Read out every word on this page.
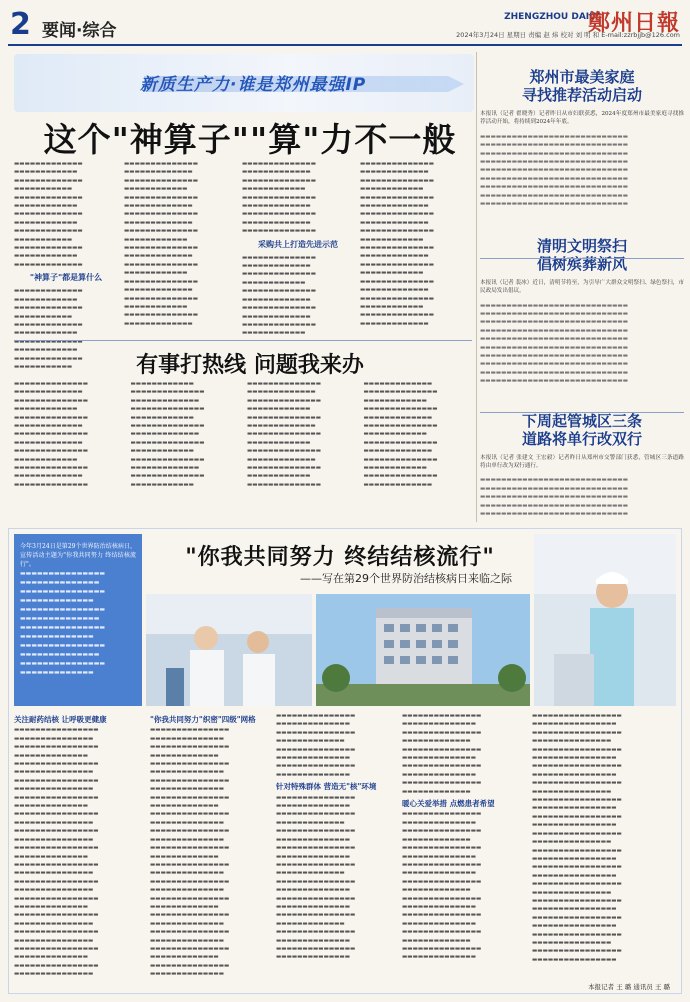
2 要闻·综合
ZHENGZHOU DAILY
鄭州日報
2024年3月24日 星期日 责编 赵 炜 校对 刘 明 和 E-mail:zzrbjjb@126.com
新质生产力·谁是郑州最强IP
这个"神算子""算"力不一般
▬▬▬▬▬▬▬▬▬▬▬▬▬ ▬▬▬▬▬▬▬▬▬▬▬▬ ▬▬▬▬▬▬▬▬▬▬▬▬▬ ▬▬▬▬▬▬▬▬▬▬▬ ▬▬▬▬▬▬▬▬▬▬▬▬▬ ▬▬▬▬▬▬▬▬▬▬▬▬ ▬▬▬▬▬▬▬▬▬▬▬▬▬ ▬▬▬▬▬▬▬▬▬▬▬▬ ▬▬▬▬▬▬▬▬▬▬▬▬▬ ▬▬▬▬▬▬▬▬▬▬▬ ▬▬▬▬▬▬▬▬▬▬▬▬▬ ▬▬▬▬▬▬▬▬▬▬▬▬ ▬▬▬▬▬▬▬▬▬▬▬▬▬
"神算子"都是算什么
▬▬▬▬▬▬▬▬▬▬▬▬▬ ▬▬▬▬▬▬▬▬▬▬▬▬ ▬▬▬▬▬▬▬▬▬▬▬▬▬ ▬▬▬▬▬▬▬▬▬▬▬ ▬▬▬▬▬▬▬▬▬▬▬▬▬ ▬▬▬▬▬▬▬▬▬▬▬▬ ▬▬▬▬▬▬▬▬▬▬▬▬▬ ▬▬▬▬▬▬▬▬▬▬▬▬ ▬▬▬▬▬▬▬▬▬▬▬▬▬ ▬▬▬▬▬▬▬▬▬▬▬
▬▬▬▬▬▬▬▬▬▬▬▬▬▬ ▬▬▬▬▬▬▬▬▬▬▬▬▬ ▬▬▬▬▬▬▬▬▬▬▬▬▬▬ ▬▬▬▬▬▬▬▬▬▬▬▬ ▬▬▬▬▬▬▬▬▬▬▬▬▬▬ ▬▬▬▬▬▬▬▬▬▬▬▬▬ ▬▬▬▬▬▬▬▬▬▬▬▬▬▬ ▬▬▬▬▬▬▬▬▬▬▬▬▬ ▬▬▬▬▬▬▬▬▬▬▬▬▬▬ ▬▬▬▬▬▬▬▬▬▬▬▬ ▬▬▬▬▬▬▬▬▬▬▬▬▬▬ ▬▬▬▬▬▬▬▬▬▬▬▬▬ ▬▬▬▬▬▬▬▬▬▬▬▬▬▬ ▬▬▬▬▬▬▬▬▬▬▬▬ ▬▬▬▬▬▬▬▬▬▬▬▬▬▬ ▬▬▬▬▬▬▬▬▬▬▬▬▬ ▬▬▬▬▬▬▬▬▬▬▬▬▬▬ ▬▬▬▬▬▬▬▬▬▬▬▬ ▬▬▬▬▬▬▬▬▬▬▬▬▬▬ ▬▬▬▬▬▬▬▬▬▬▬▬▬
▬▬▬▬▬▬▬▬▬▬▬▬▬▬ ▬▬▬▬▬▬▬▬▬▬▬▬▬ ▬▬▬▬▬▬▬▬▬▬▬▬▬▬ ▬▬▬▬▬▬▬▬▬▬▬▬ ▬▬▬▬▬▬▬▬▬▬▬▬▬▬ ▬▬▬▬▬▬▬▬▬▬▬▬▬ ▬▬▬▬▬▬▬▬▬▬▬▬▬▬ ▬▬▬▬▬▬▬▬▬▬▬▬▬ ▬▬▬▬▬▬▬▬▬▬▬▬▬▬
采购共上打造先进示范
▬▬▬▬▬▬▬▬▬▬▬▬▬▬ ▬▬▬▬▬▬▬▬▬▬▬▬▬ ▬▬▬▬▬▬▬▬▬▬▬▬▬▬ ▬▬▬▬▬▬▬▬▬▬▬▬ ▬▬▬▬▬▬▬▬▬▬▬▬▬▬ ▬▬▬▬▬▬▬▬▬▬▬▬▬ ▬▬▬▬▬▬▬▬▬▬▬▬▬▬ ▬▬▬▬▬▬▬▬▬▬▬▬▬ ▬▬▬▬▬▬▬▬▬▬▬▬▬▬ ▬▬▬▬▬▬▬▬▬▬▬▬
▬▬▬▬▬▬▬▬▬▬▬▬▬▬ ▬▬▬▬▬▬▬▬▬▬▬▬▬ ▬▬▬▬▬▬▬▬▬▬▬▬▬▬ ▬▬▬▬▬▬▬▬▬▬▬▬ ▬▬▬▬▬▬▬▬▬▬▬▬▬▬ ▬▬▬▬▬▬▬▬▬▬▬▬▬ ▬▬▬▬▬▬▬▬▬▬▬▬▬▬ ▬▬▬▬▬▬▬▬▬▬▬▬▬ ▬▬▬▬▬▬▬▬▬▬▬▬▬▬ ▬▬▬▬▬▬▬▬▬▬▬▬ ▬▬▬▬▬▬▬▬▬▬▬▬▬▬ ▬▬▬▬▬▬▬▬▬▬▬▬▬ ▬▬▬▬▬▬▬▬▬▬▬▬▬▬ ▬▬▬▬▬▬▬▬▬▬▬▬ ▬▬▬▬▬▬▬▬▬▬▬▬▬▬ ▬▬▬▬▬▬▬▬▬▬▬▬▬ ▬▬▬▬▬▬▬▬▬▬▬▬▬▬ ▬▬▬▬▬▬▬▬▬▬▬▬ ▬▬▬▬▬▬▬▬▬▬▬▬▬▬ ▬▬▬▬▬▬▬▬▬▬▬▬▬
郑州市最美家庭
寻找推荐活动启动
本报讯（记者 翟晓秀）记者昨日从市妇联获悉，2024年度郑州市最美家庭寻找推荐活动开始，将持续到2024年年底。
▬▬▬▬▬▬▬▬▬▬▬▬▬▬▬▬▬▬▬▬▬▬▬▬▬▬▬▬ ▬▬▬▬▬▬▬▬▬▬▬▬▬▬▬▬▬▬▬▬▬▬▬▬▬▬▬▬ ▬▬▬▬▬▬▬▬▬▬▬▬▬▬▬▬▬▬▬▬▬▬▬▬▬▬▬▬ ▬▬▬▬▬▬▬▬▬▬▬▬▬▬▬▬▬▬▬▬▬▬▬▬▬▬▬▬ ▬▬▬▬▬▬▬▬▬▬▬▬▬▬▬▬▬▬▬▬▬▬▬▬▬▬▬▬ ▬▬▬▬▬▬▬▬▬▬▬▬▬▬▬▬▬▬▬▬▬▬▬▬▬▬▬▬ ▬▬▬▬▬▬▬▬▬▬▬▬▬▬▬▬▬▬▬▬▬▬▬▬▬▬▬▬ ▬▬▬▬▬▬▬▬▬▬▬▬▬▬▬▬▬▬▬▬▬▬▬▬▬▬▬▬ ▬▬▬▬▬▬▬▬▬▬▬▬▬▬▬▬▬▬▬▬▬▬▬▬▬▬▬▬
清明文明祭扫
倡树殡葬新风
本报讯（记者 裴冰）近日，清明节将至，为引导广大群众文明祭扫、绿色祭扫，市民政局发出倡议。
▬▬▬▬▬▬▬▬▬▬▬▬▬▬▬▬▬▬▬▬▬▬▬▬▬▬▬▬ ▬▬▬▬▬▬▬▬▬▬▬▬▬▬▬▬▬▬▬▬▬▬▬▬▬▬▬▬ ▬▬▬▬▬▬▬▬▬▬▬▬▬▬▬▬▬▬▬▬▬▬▬▬▬▬▬▬ ▬▬▬▬▬▬▬▬▬▬▬▬▬▬▬▬▬▬▬▬▬▬▬▬▬▬▬▬ ▬▬▬▬▬▬▬▬▬▬▬▬▬▬▬▬▬▬▬▬▬▬▬▬▬▬▬▬ ▬▬▬▬▬▬▬▬▬▬▬▬▬▬▬▬▬▬▬▬▬▬▬▬▬▬▬▬ ▬▬▬▬▬▬▬▬▬▬▬▬▬▬▬▬▬▬▬▬▬▬▬▬▬▬▬▬ ▬▬▬▬▬▬▬▬▬▬▬▬▬▬▬▬▬▬▬▬▬▬▬▬▬▬▬▬ ▬▬▬▬▬▬▬▬▬▬▬▬▬▬▬▬▬▬▬▬▬▬▬▬▬▬▬▬ ▬▬▬▬▬▬▬▬▬▬▬▬▬▬▬▬▬▬▬▬▬▬▬▬▬▬▬▬
下周起管城区三条
道路将单行改双行
本报讯（记者 张建文 王宏毅）记者昨日从郑州市交警部门获悉，管城区三条道路将由单行改为双行通行。
▬▬▬▬▬▬▬▬▬▬▬▬▬▬▬▬▬▬▬▬▬▬▬▬▬▬▬▬ ▬▬▬▬▬▬▬▬▬▬▬▬▬▬▬▬▬▬▬▬▬▬▬▬▬▬▬▬ ▬▬▬▬▬▬▬▬▬▬▬▬▬▬▬▬▬▬▬▬▬▬▬▬▬▬▬▬ ▬▬▬▬▬▬▬▬▬▬▬▬▬▬▬▬▬▬▬▬▬▬▬▬▬▬▬▬ ▬▬▬▬▬▬▬▬▬▬▬▬▬▬▬▬▬▬▬▬▬▬▬▬▬▬▬▬
有事打热线 问题我来办
▬▬▬▬▬▬▬▬▬▬▬▬▬▬ ▬▬▬▬▬▬▬▬▬▬▬▬▬ ▬▬▬▬▬▬▬▬▬▬▬▬▬▬ ▬▬▬▬▬▬▬▬▬▬▬▬ ▬▬▬▬▬▬▬▬▬▬▬▬▬▬ ▬▬▬▬▬▬▬▬▬▬▬▬▬ ▬▬▬▬▬▬▬▬▬▬▬▬▬▬ ▬▬▬▬▬▬▬▬▬▬▬▬▬ ▬▬▬▬▬▬▬▬▬▬▬▬▬▬ ▬▬▬▬▬▬▬▬▬▬▬▬ ▬▬▬▬▬▬▬▬▬▬▬▬▬▬ ▬▬▬▬▬▬▬▬▬▬▬▬▬ ▬▬▬▬▬▬▬▬▬▬▬▬▬▬ ▬▬▬▬▬▬▬▬▬▬▬▬ ▬▬▬▬▬▬▬▬▬▬▬▬▬▬ ▬▬▬▬▬▬▬▬▬▬▬▬▬ ▬▬▬▬▬▬▬▬▬▬▬▬▬▬ ▬▬▬▬▬▬▬▬▬▬▬▬ ▬▬▬▬▬▬▬▬▬▬▬▬▬▬ ▬▬▬▬▬▬▬▬▬▬▬▬▬ ▬▬▬▬▬▬▬▬▬▬▬▬▬▬ ▬▬▬▬▬▬▬▬▬▬▬▬ ▬▬▬▬▬▬▬▬▬▬▬▬▬▬ ▬▬▬▬▬▬▬▬▬▬▬▬▬ ▬▬▬▬▬▬▬▬▬▬▬▬▬▬ ▬▬▬▬▬▬▬▬▬▬▬▬ ▬▬▬▬▬▬▬▬▬▬▬▬▬▬ ▬▬▬▬▬▬▬▬▬▬▬▬▬ ▬▬▬▬▬▬▬▬▬▬▬▬▬▬ ▬▬▬▬▬▬▬▬▬▬▬▬ ▬▬▬▬▬▬▬▬▬▬▬▬▬▬ ▬▬▬▬▬▬▬▬▬▬▬▬▬ ▬▬▬▬▬▬▬▬▬▬▬▬▬▬ ▬▬▬▬▬▬▬▬▬▬▬▬ ▬▬▬▬▬▬▬▬▬▬▬▬▬▬ ▬▬▬▬▬▬▬▬▬▬▬▬▬ ▬▬▬▬▬▬▬▬▬▬▬▬▬▬ ▬▬▬▬▬▬▬▬▬▬▬▬ ▬▬▬▬▬▬▬▬▬▬▬▬▬▬ ▬▬▬▬▬▬▬▬▬▬▬▬▬ ▬▬▬▬▬▬▬▬▬▬▬▬▬▬ ▬▬▬▬▬▬▬▬▬▬▬▬ ▬▬▬▬▬▬▬▬▬▬▬▬▬▬ ▬▬▬▬▬▬▬▬▬▬▬▬▬ ▬▬▬▬▬▬▬▬▬▬▬▬▬▬ ▬▬▬▬▬▬▬▬▬▬▬▬ ▬▬▬▬▬▬▬▬▬▬▬▬▬▬ ▬▬▬▬▬▬▬▬▬▬▬▬▬ ▬▬▬▬▬▬▬▬▬▬▬▬▬▬ ▬▬▬▬▬▬▬▬▬▬▬▬ ▬▬▬▬▬▬▬▬▬▬▬▬▬▬ ▬▬▬▬▬▬▬▬▬▬▬▬▬
今年3月24日是第29个世界防治结核病日，宣传活动主题为"你我共同努力 终结结核流行"。
▬▬▬▬▬▬▬▬▬▬▬▬▬▬▬ ▬▬▬▬▬▬▬▬▬▬▬▬▬▬ ▬▬▬▬▬▬▬▬▬▬▬▬▬▬▬ ▬▬▬▬▬▬▬▬▬▬▬▬▬ ▬▬▬▬▬▬▬▬▬▬▬▬▬▬▬ ▬▬▬▬▬▬▬▬▬▬▬▬▬▬ ▬▬▬▬▬▬▬▬▬▬▬▬▬▬▬ ▬▬▬▬▬▬▬▬▬▬▬▬▬ ▬▬▬▬▬▬▬▬▬▬▬▬▬▬▬ ▬▬▬▬▬▬▬▬▬▬▬▬▬▬ ▬▬▬▬▬▬▬▬▬▬▬▬▬▬▬ ▬▬▬▬▬▬▬▬▬▬▬▬▬
"你我共同努力 终结结核流行"
——写在第29个世界防治结核病日来临之际
关注耐药结核 让呼吸更健康
▬▬▬▬▬▬▬▬▬▬▬▬▬▬▬▬ ▬▬▬▬▬▬▬▬▬▬▬▬▬▬▬ ▬▬▬▬▬▬▬▬▬▬▬▬▬▬▬▬ ▬▬▬▬▬▬▬▬▬▬▬▬▬▬ ▬▬▬▬▬▬▬▬▬▬▬▬▬▬▬▬ ▬▬▬▬▬▬▬▬▬▬▬▬▬▬▬ ▬▬▬▬▬▬▬▬▬▬▬▬▬▬▬▬ ▬▬▬▬▬▬▬▬▬▬▬▬▬▬▬ ▬▬▬▬▬▬▬▬▬▬▬▬▬▬▬▬ ▬▬▬▬▬▬▬▬▬▬▬▬▬▬ ▬▬▬▬▬▬▬▬▬▬▬▬▬▬▬▬ ▬▬▬▬▬▬▬▬▬▬▬▬▬▬▬ ▬▬▬▬▬▬▬▬▬▬▬▬▬▬▬▬ ▬▬▬▬▬▬▬▬▬▬▬▬▬▬▬ ▬▬▬▬▬▬▬▬▬▬▬▬▬▬▬▬ ▬▬▬▬▬▬▬▬▬▬▬▬▬▬ ▬▬▬▬▬▬▬▬▬▬▬▬▬▬▬▬ ▬▬▬▬▬▬▬▬▬▬▬▬▬▬▬ ▬▬▬▬▬▬▬▬▬▬▬▬▬▬▬▬ ▬▬▬▬▬▬▬▬▬▬▬▬▬▬▬ ▬▬▬▬▬▬▬▬▬▬▬▬▬▬▬▬ ▬▬▬▬▬▬▬▬▬▬▬▬▬▬ ▬▬▬▬▬▬▬▬▬▬▬▬▬▬▬▬ ▬▬▬▬▬▬▬▬▬▬▬▬▬▬▬ ▬▬▬▬▬▬▬▬▬▬▬▬▬▬▬▬ ▬▬▬▬▬▬▬▬▬▬▬▬▬▬▬ ▬▬▬▬▬▬▬▬▬▬▬▬▬▬▬▬ ▬▬▬▬▬▬▬▬▬▬▬▬▬▬ ▬▬▬▬▬▬▬▬▬▬▬▬▬▬▬▬ ▬▬▬▬▬▬▬▬▬▬▬▬▬▬▬
"你我共同努力"织密"四级"网格
▬▬▬▬▬▬▬▬▬▬▬▬▬▬▬ ▬▬▬▬▬▬▬▬▬▬▬▬▬▬ ▬▬▬▬▬▬▬▬▬▬▬▬▬▬▬ ▬▬▬▬▬▬▬▬▬▬▬▬▬ ▬▬▬▬▬▬▬▬▬▬▬▬▬▬▬ ▬▬▬▬▬▬▬▬▬▬▬▬▬▬ ▬▬▬▬▬▬▬▬▬▬▬▬▬▬▬ ▬▬▬▬▬▬▬▬▬▬▬▬▬▬ ▬▬▬▬▬▬▬▬▬▬▬▬▬▬▬ ▬▬▬▬▬▬▬▬▬▬▬▬▬ ▬▬▬▬▬▬▬▬▬▬▬▬▬▬▬ ▬▬▬▬▬▬▬▬▬▬▬▬▬▬ ▬▬▬▬▬▬▬▬▬▬▬▬▬▬▬ ▬▬▬▬▬▬▬▬▬▬▬▬▬▬ ▬▬▬▬▬▬▬▬▬▬▬▬▬▬▬ ▬▬▬▬▬▬▬▬▬▬▬▬▬ ▬▬▬▬▬▬▬▬▬▬▬▬▬▬▬ ▬▬▬▬▬▬▬▬▬▬▬▬▬▬ ▬▬▬▬▬▬▬▬▬▬▬▬▬▬▬ ▬▬▬▬▬▬▬▬▬▬▬▬▬▬ ▬▬▬▬▬▬▬▬▬▬▬▬▬▬▬ ▬▬▬▬▬▬▬▬▬▬▬▬▬ ▬▬▬▬▬▬▬▬▬▬▬▬▬▬▬ ▬▬▬▬▬▬▬▬▬▬▬▬▬▬ ▬▬▬▬▬▬▬▬▬▬▬▬▬▬▬ ▬▬▬▬▬▬▬▬▬▬▬▬▬▬ ▬▬▬▬▬▬▬▬▬▬▬▬▬▬▬ ▬▬▬▬▬▬▬▬▬▬▬▬▬ ▬▬▬▬▬▬▬▬▬▬▬▬▬▬▬ ▬▬▬▬▬▬▬▬▬▬▬▬▬▬
▬▬▬▬▬▬▬▬▬▬▬▬▬▬▬ ▬▬▬▬▬▬▬▬▬▬▬▬▬▬ ▬▬▬▬▬▬▬▬▬▬▬▬▬▬▬ ▬▬▬▬▬▬▬▬▬▬▬▬▬ ▬▬▬▬▬▬▬▬▬▬▬▬▬▬▬ ▬▬▬▬▬▬▬▬▬▬▬▬▬▬ ▬▬▬▬▬▬▬▬▬▬▬▬▬▬▬ ▬▬▬▬▬▬▬▬▬▬▬▬▬▬
针对特殊群体 营造无"核"环境
▬▬▬▬▬▬▬▬▬▬▬▬▬▬▬ ▬▬▬▬▬▬▬▬▬▬▬▬▬▬ ▬▬▬▬▬▬▬▬▬▬▬▬▬▬▬ ▬▬▬▬▬▬▬▬▬▬▬▬▬ ▬▬▬▬▬▬▬▬▬▬▬▬▬▬▬ ▬▬▬▬▬▬▬▬▬▬▬▬▬▬ ▬▬▬▬▬▬▬▬▬▬▬▬▬▬▬ ▬▬▬▬▬▬▬▬▬▬▬▬▬▬ ▬▬▬▬▬▬▬▬▬▬▬▬▬▬▬ ▬▬▬▬▬▬▬▬▬▬▬▬▬ ▬▬▬▬▬▬▬▬▬▬▬▬▬▬▬ ▬▬▬▬▬▬▬▬▬▬▬▬▬▬ ▬▬▬▬▬▬▬▬▬▬▬▬▬▬▬ ▬▬▬▬▬▬▬▬▬▬▬▬▬▬ ▬▬▬▬▬▬▬▬▬▬▬▬▬▬▬ ▬▬▬▬▬▬▬▬▬▬▬▬▬ ▬▬▬▬▬▬▬▬▬▬▬▬▬▬▬ ▬▬▬▬▬▬▬▬▬▬▬▬▬▬ ▬▬▬▬▬▬▬▬▬▬▬▬▬▬▬ ▬▬▬▬▬▬▬▬▬▬▬▬▬▬
▬▬▬▬▬▬▬▬▬▬▬▬▬▬▬ ▬▬▬▬▬▬▬▬▬▬▬▬▬▬ ▬▬▬▬▬▬▬▬▬▬▬▬▬▬▬ ▬▬▬▬▬▬▬▬▬▬▬▬▬ ▬▬▬▬▬▬▬▬▬▬▬▬▬▬▬ ▬▬▬▬▬▬▬▬▬▬▬▬▬▬ ▬▬▬▬▬▬▬▬▬▬▬▬▬▬▬ ▬▬▬▬▬▬▬▬▬▬▬▬▬▬ ▬▬▬▬▬▬▬▬▬▬▬▬▬▬▬ ▬▬▬▬▬▬▬▬▬▬▬▬▬
暖心关爱举措 点燃患者希望
▬▬▬▬▬▬▬▬▬▬▬▬▬▬▬ ▬▬▬▬▬▬▬▬▬▬▬▬▬▬ ▬▬▬▬▬▬▬▬▬▬▬▬▬▬▬ ▬▬▬▬▬▬▬▬▬▬▬▬▬ ▬▬▬▬▬▬▬▬▬▬▬▬▬▬▬ ▬▬▬▬▬▬▬▬▬▬▬▬▬▬ ▬▬▬▬▬▬▬▬▬▬▬▬▬▬▬ ▬▬▬▬▬▬▬▬▬▬▬▬▬▬ ▬▬▬▬▬▬▬▬▬▬▬▬▬▬▬ ▬▬▬▬▬▬▬▬▬▬▬▬▬ ▬▬▬▬▬▬▬▬▬▬▬▬▬▬▬ ▬▬▬▬▬▬▬▬▬▬▬▬▬▬ ▬▬▬▬▬▬▬▬▬▬▬▬▬▬▬ ▬▬▬▬▬▬▬▬▬▬▬▬▬▬ ▬▬▬▬▬▬▬▬▬▬▬▬▬▬▬ ▬▬▬▬▬▬▬▬▬▬▬▬▬ ▬▬▬▬▬▬▬▬▬▬▬▬▬▬▬ ▬▬▬▬▬▬▬▬▬▬▬▬▬▬
▬▬▬▬▬▬▬▬▬▬▬▬▬▬▬▬▬ ▬▬▬▬▬▬▬▬▬▬▬▬▬▬▬▬ ▬▬▬▬▬▬▬▬▬▬▬▬▬▬▬▬▬ ▬▬▬▬▬▬▬▬▬▬▬▬▬▬▬ ▬▬▬▬▬▬▬▬▬▬▬▬▬▬▬▬▬ ▬▬▬▬▬▬▬▬▬▬▬▬▬▬▬▬ ▬▬▬▬▬▬▬▬▬▬▬▬▬▬▬▬▬ ▬▬▬▬▬▬▬▬▬▬▬▬▬▬▬▬ ▬▬▬▬▬▬▬▬▬▬▬▬▬▬▬▬▬ ▬▬▬▬▬▬▬▬▬▬▬▬▬▬▬ ▬▬▬▬▬▬▬▬▬▬▬▬▬▬▬▬▬ ▬▬▬▬▬▬▬▬▬▬▬▬▬▬▬▬ ▬▬▬▬▬▬▬▬▬▬▬▬▬▬▬▬▬ ▬▬▬▬▬▬▬▬▬▬▬▬▬▬▬▬ ▬▬▬▬▬▬▬▬▬▬▬▬▬▬▬▬▬ ▬▬▬▬▬▬▬▬▬▬▬▬▬▬▬ ▬▬▬▬▬▬▬▬▬▬▬▬▬▬▬▬▬ ▬▬▬▬▬▬▬▬▬▬▬▬▬▬▬▬ ▬▬▬▬▬▬▬▬▬▬▬▬▬▬▬▬▬ ▬▬▬▬▬▬▬▬▬▬▬▬▬▬▬▬ ▬▬▬▬▬▬▬▬▬▬▬▬▬▬▬▬▬ ▬▬▬▬▬▬▬▬▬▬▬▬▬▬▬ ▬▬▬▬▬▬▬▬▬▬▬▬▬▬▬▬▬ ▬▬▬▬▬▬▬▬▬▬▬▬▬▬▬▬ ▬▬▬▬▬▬▬▬▬▬▬▬▬▬▬▬▬ ▬▬▬▬▬▬▬▬▬▬▬▬▬▬▬▬ ▬▬▬▬▬▬▬▬▬▬▬▬▬▬▬▬▬ ▬▬▬▬▬▬▬▬▬▬▬▬▬▬▬ ▬▬▬▬▬▬▬▬▬▬▬▬▬▬▬▬▬ ▬▬▬▬▬▬▬▬▬▬▬▬▬▬▬▬
本报记者 王 璐 通讯员 王 璐
